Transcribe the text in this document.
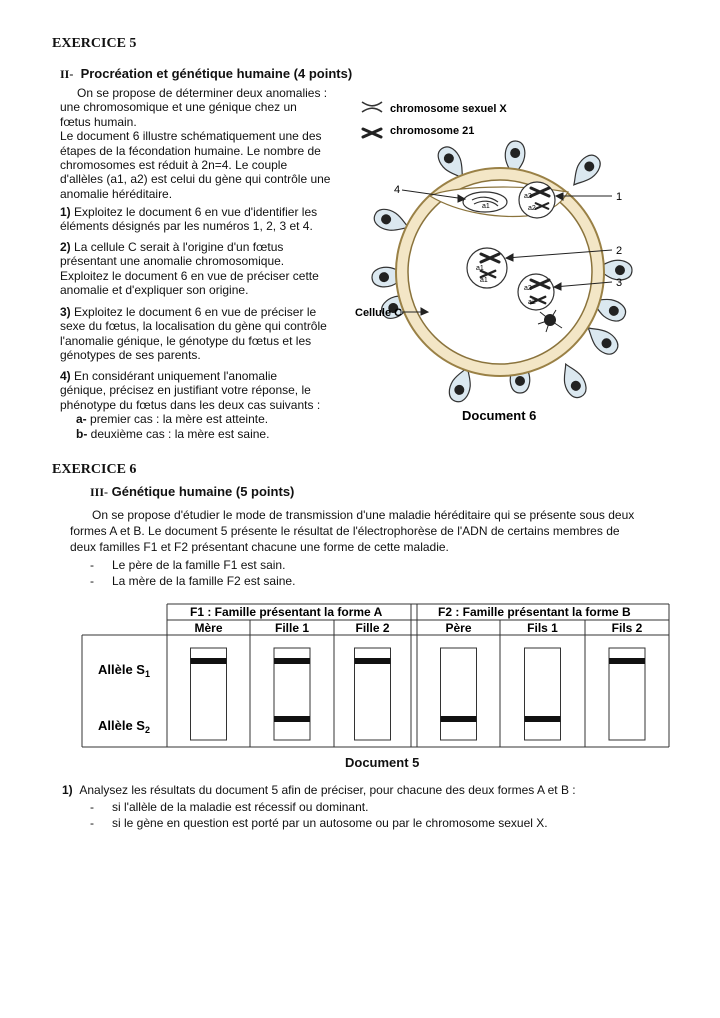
EXERCICE 5
II- Procréation et génétique humaine (4 points)
On se propose de déterminer deux anomalies :
une chromosomique et une génique chez un
fœtus humain.
Le document 6 illustre schématiquement une des
étapes de la fécondation humaine. Le nombre de
chromosomes est réduit à 2n=4. Le couple
d'allèles (a1, a2) est celui du gène qui contrôle une
anomalie héréditaire.
1) Exploitez le document 6 en vue d'identifier les
éléments désignés par les numéros 1, 2, 3 et 4.
2) La cellule C serait à l'origine d'un fœtus
présentant une anomalie chromosomique.
Exploitez le document 6 en vue de préciser cette
anomalie et d'expliquer son origine.
3) Exploitez le document 6 en vue de préciser le
sexe du fœtus, la localisation du gène qui contrôle
l'anomalie génique, le génotype du fœtus et les
génotypes de ses parents.
4) En considérant uniquement l'anomalie
génique, précisez en justifiant votre réponse, le
phénotype du fœtus dans les deux cas suivants :
a- premier cas : la mère est atteinte.
b- deuxième cas : la mère est saine.
chromosome sexuel X
chromosome 21
a1
a2
a2
a1
a1
a2
a2
4
1
2
3
Cellule C
Document 6
EXERCICE 6
III- Génétique humaine (5 points)
On se propose d'étudier le mode de transmission d'une maladie héréditaire qui se présente sous deux
formes A et B. Le document 5 présente le résultat de l'électrophorèse de l'ADN de certains membres de
deux familles F1 et F2 présentant chacune une forme de cette maladie.
- Le père de la famille F1 est sain.
- La mère de la famille F2 est saine.
F1 : Famille présentant la forme A	F2 : Famille présentant la forme B
Mère	Fille 1	Fille 2	Père	Fils 1	Fils 2
Allèle $S_1$
Allèle $S_2$
Document 5
1) Analysez les résultats du document 5 afin de préciser, pour chacune des deux formes A et B :
- si l'allèle de la maladie est récessif ou dominant.
- si le gène en question est porté par un autosome ou par le chromosome sexuel X.
